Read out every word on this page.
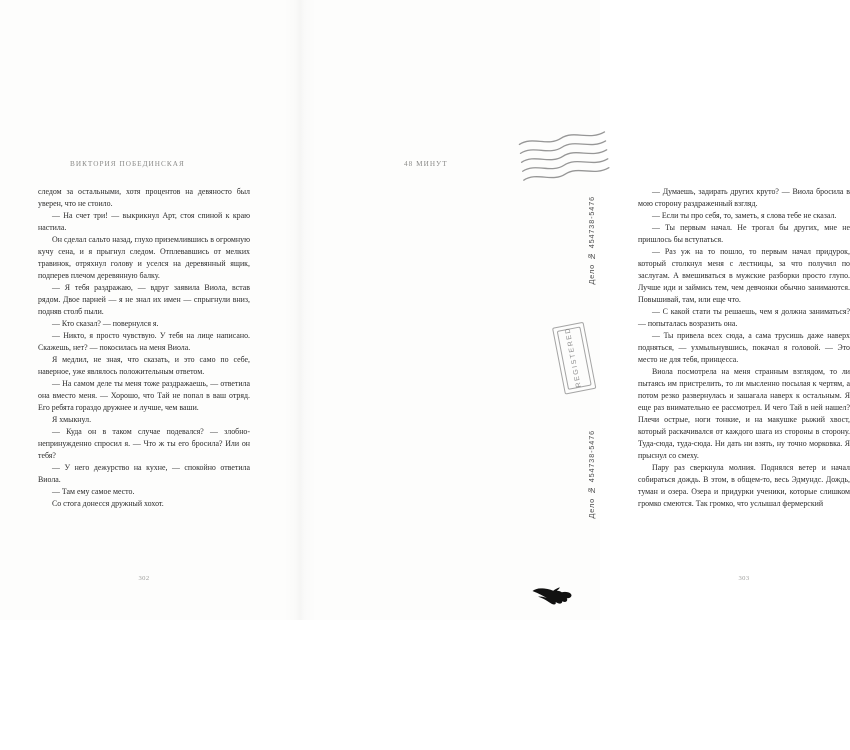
ВИКТОРИЯ ПОБЕДИНСКАЯ

следом за остальными, хотя процентов на девяносто был уверен, что не стоило.

— На счет три! — выкрикнул Арт, стоя спиной к краю настила.

Он сделал сальто назад, глухо приземлившись в огромную кучу сена, и я прыгнул следом. Отплевавшись от мелких травинок, отряхнул голову и уселся на деревянный ящик, подперев плечом деревянную балку.

— Я тебя раздражаю, — вдруг заявила Виола, встав рядом. Двое парней — я не знал их имен — спрыгнули вниз, подняв столб пыли.

— Кто сказал? — повернулся я.

— Никто, я просто чувствую. У тебя на лице написано. Скажешь, нет? — покосилась на меня Виола.

Я медлил, не зная, что сказать, и это само по себе, наверное, уже являлось положительным ответом.

— На самом деле ты меня тоже раздражаешь, — ответила она вместо меня. — Хорошо, что Тай не попал в ваш отряд. Его ребята гораздо дружнее и лучше, чем ваши.

Я хмыкнул.

— Куда он в таком случае подевался? — злобно-непринужденно спросил я. — Что ж ты его бросила? Или он тебя?

— У него дежурство на кухне, — спокойно ответила Виола.

— Там ему самое место.

Со стога донесся дружный хохот.

302
48 МИНУТ

— Думаешь, задирать других круто? — Виола бросила в мою сторону раздраженный взгляд.

— Если ты про себя, то, заметь, я слова тебе не сказал.

— Ты первым начал. Не трогал бы других, мне не пришлось бы вступаться.

— Раз уж на то пошло, то первым начал придурок, который столкнул меня с лестницы, за что получил по заслугам. А вмешиваться в мужские разборки просто глупо. Лучше иди и займись тем, чем девчонки обычно занимаются. Повышивай, там, или еще что.

— С какой стати ты решаешь, чем я должна заниматься? — попыталась возразить она.

— Ты привела всех сюда, а сама трусишь даже наверх подняться, — ухмыльнувшись, покачал я головой. — Это место не для тебя, принцесса.

Виола посмотрела на меня странным взглядом, то ли пытаясь им пристрелить, то ли мысленно посылая к чертям, а потом резко развернулась и зашагала наверх к остальным. Я еще раз внимательно ее рассмотрел. И чего Тай в ней нашел? Плечи острые, ноги тонкие, и на макушке рыжий хвост, который раскачивался от каждого шага из стороны в сторону. Туда-сюда, туда-сюда. Ни дать ни взять, ну точно морковка. Я прыснул со смеху.

Пару раз сверкнула молния. Поднялся ветер и начал собираться дождь. В этом, в общем-то, весь Эдмундс. Дождь, туман и озера. Озера и придурки ученики, которые слишком громко смеются. Так громко, что услышал фермерский

303
Дело № 454738-5476
Дело № 454738-5476
REGISTERED
